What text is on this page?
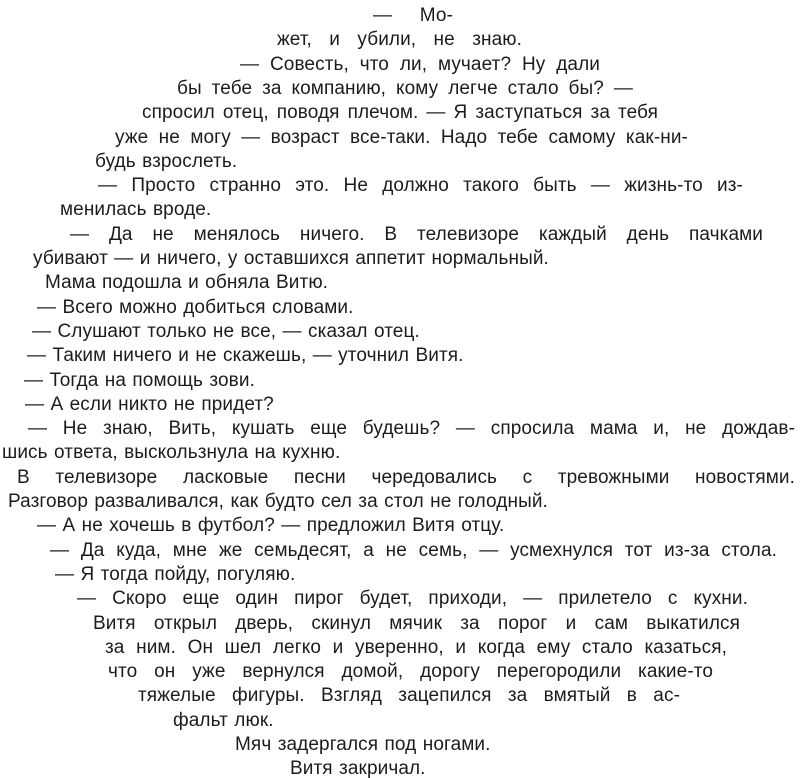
— Мо-
жет, и убили, не знаю.
— Совесть, что ли, мучает? Ну дали
бы тебе за компанию, кому легче стало бы? —
спросил отец, поводя плечом. — Я заступаться за тебя
уже не могу — возраст все-таки. Надо тебе самому как-ни-
будь взрослеть.
— Просто странно это. Не должно такого быть — жизнь-то из-
менилась вроде.
— Да не менялось ничего. В телевизоре каждый день пачками
убивают — и ничего, у оставшихся аппетит нормальный.
Мама подошла и обняла Витю.
— Всего можно добиться словами.
— Слушают только не все, — сказал отец.
— Таким ничего и не скажешь, — уточнил Витя.
— Тогда на помощь зови.
— А если никто не придет?
— Не знаю, Вить, кушать еще будешь? — спросила мама и, не дождав-
шись ответа, выскользнула на кухню.
В телевизоре ласковые песни чередовались с тревожными новостями.
Разговор разваливался, как будто сел за стол не голодный.
— А не хочешь в футбол? — предложил Витя отцу.
— Да куда, мне же семьдесят, а не семь, — усмехнулся тот из-за стола.
— Я тогда пойду, погуляю.
— Скоро еще один пирог будет, приходи, — прилетело с кухни.
Витя открыл дверь, скинул мячик за порог и сам выкатился
за ним. Он шел легко и уверенно, и когда ему стало казаться,
что он уже вернулся домой, дорогу перегородили какие-то
тяжелые фигуры. Взгляд зацепился за вмятый в ас-
фальт люк.
Мяч задергался под ногами.
Витя закричал.
